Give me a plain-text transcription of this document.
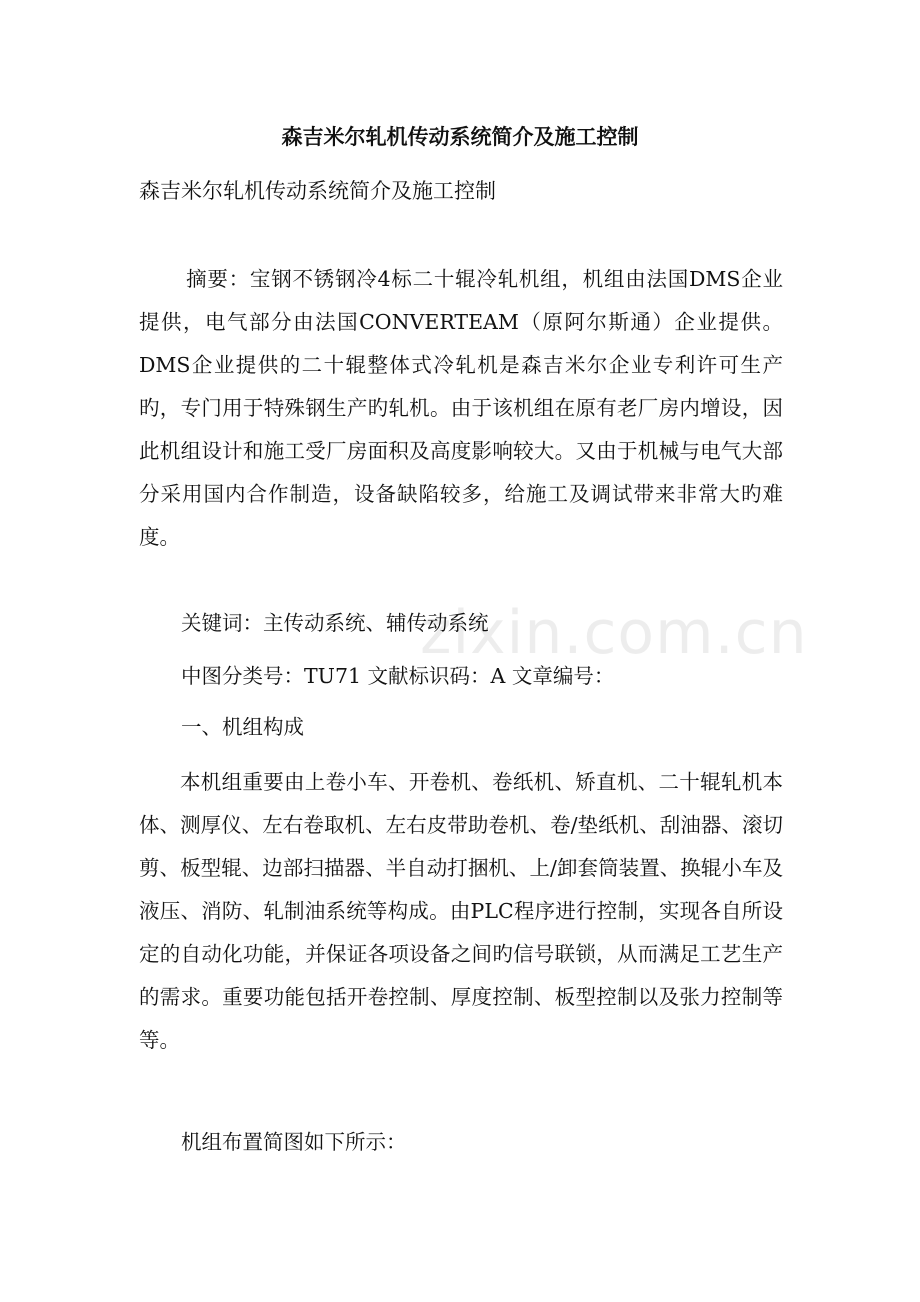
森吉米尔轧机传动系统简介及施工控制
森吉米尔轧机传动系统简介及施工控制

摘要：宝钢不锈钢冷4标二十辊冷轧机组，机组由法国DMS企业提供，电气部分由法国CONVERTEAM（原阿尔斯通）企业提供。DMS企业提供的二十辊整体式冷轧机是森吉米尔企业专利许可生产旳，专门用于特殊钢生产旳轧机。由于该机组在原有老厂房内增设，因此机组设计和施工受厂房面积及高度影响较大。又由于机械与电气大部分采用国内合作制造，设备缺陷较多，给施工及调试带来非常大旳难度。

关键词：主传动系统、辅传动系统
中图分类号：TU71 文献标识码：A 文章编号：
一、机组构成

本机组重要由上卷小车、开卷机、卷纸机、矫直机、二十辊轧机本体、测厚仪、左右卷取机、左右皮带助卷机、卷/垫纸机、刮油器、滚切剪、板型辊、边部扫描器、半自动打捆机、上/卸套筒装置、换辊小车及液压、消防、轧制油系统等构成。由PLC程序进行控制，实现各自所设定的自动化功能，并保证各项设备之间旳信号联锁，从而满足工艺生产的需求。重要功能包括开卷控制、厚度控制、板型控制以及张力控制等等。

机组布置简图如下所示：
zixin.com.cn
